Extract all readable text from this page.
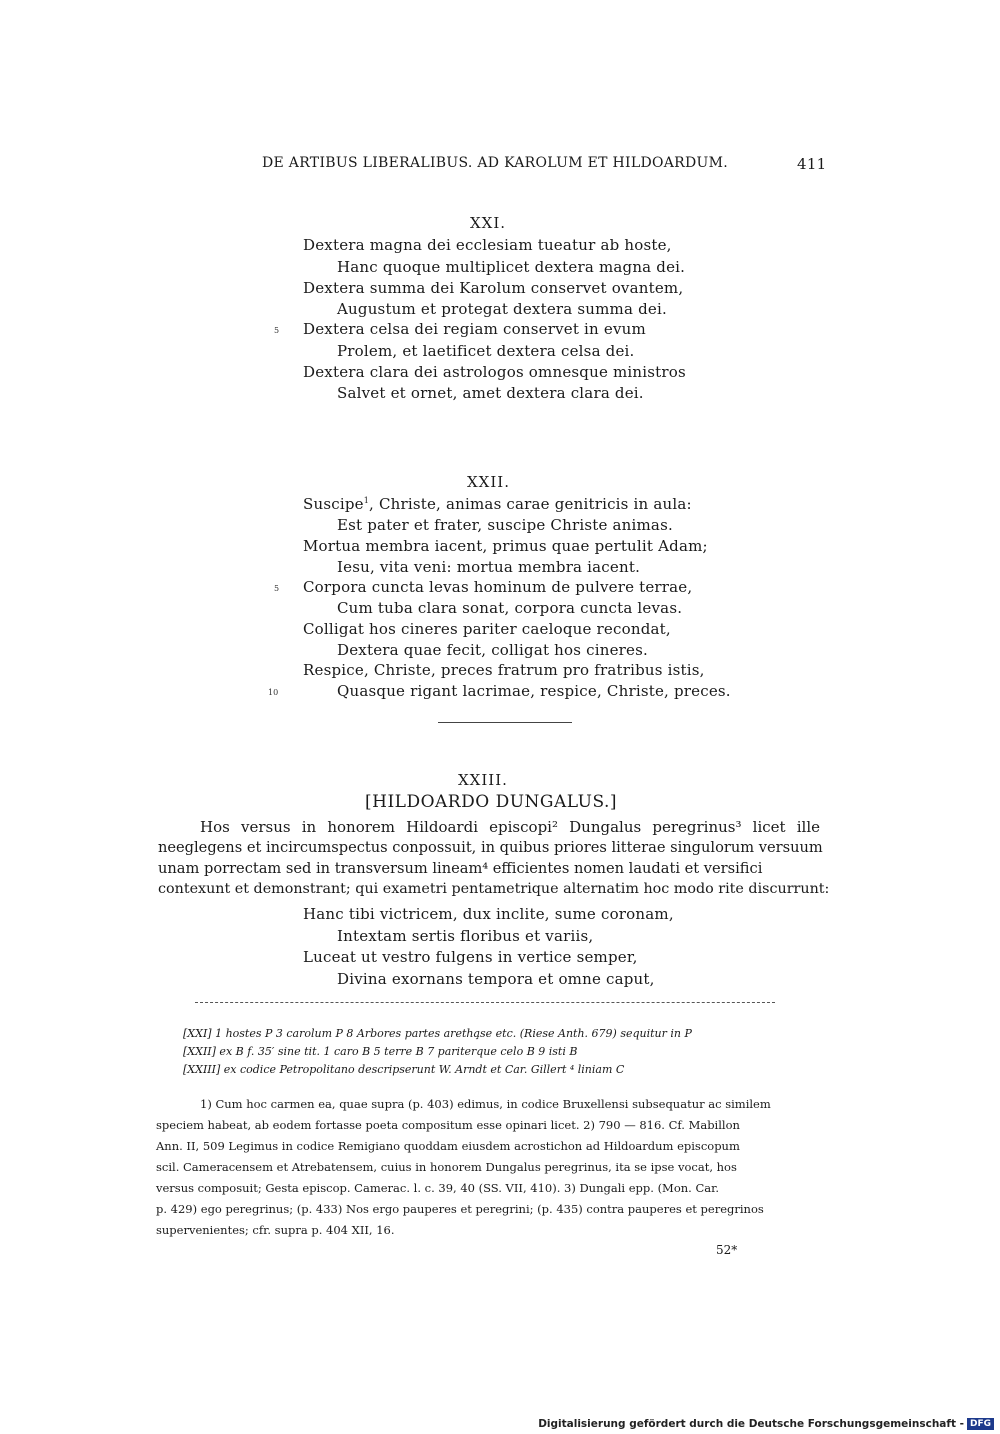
DE ARTIBUS LIBERALIBUS. AD KAROLUM ET HILDOARDUM.	411
XXI.
Dextera magna dei ecclesiam tueatur ab hoste,
Hanc quoque multiplicet dextera magna dei.
Dextera summa dei Karolum conservet ovantem,
Augustum et protegat dextera summa dei.
5 Dextera celsa dei regiam conservet in evum
Prolem, et laetificet dextera celsa dei.
Dextera clara dei astrologos omnesque ministros
Salvet et ornet, amet dextera clara dei.
XXII.
Suscipe$^1$, Christe, animas carae genitricis in aula:
Est pater et frater, suscipe Christe animas.
Mortua membra iacent, primus quae pertulit Adam;
Iesu, vita veni: mortua membra iacent.
5 Corpora cuncta levas hominum de pulvere terrae,
Cum tuba clara sonat, corpora cuncta levas.
Colligat hos cineres pariter caeloque recondat,
Dextera quae fecit, colligat hos cineres.
Respice, Christe, preces fratrum pro fratribus istis,
10	Quasque rigant lacrimae, respice, Christe, preces.
XXIII.
[HILDOARDO DUNGALUS.]
Hos versus in honorem Hildoardi episcopi² Dungalus peregrinus³ licet ille
neeglegens et incircumspectus conpossuit, in quibus priores litterae singulorum versuum
unam porrectam sed in transversum lineam⁴ efficientes nomen laudati et versifici
contexunt et demonstrant; qui exametri pentametrique alternatim hoc modo rite discurrunt:
Hanc tibi victricem, dux inclite, sume coronam,
Intextam sertis floribus et variis,
Luceat ut vestro fulgens in vertice semper,
Divina exornans tempora et omne caput,
[XXI] 1 hostes P 3 carolum P 8 Arbores partes aretha̧se etc. (Riese Anth. 679) sequitur in P
[XXII] ex B f. 35′ sine tit. 1 caro B 5 terre B 7 pariterque celo B 9 isti B
[XXIII] ex codice Petropolitano descripserunt W. Arndt et Car. Gillert ⁴ liniam C
1) Cum hoc carmen ea, quae supra (p. 403) edimus, in codice Bruxellensi subsequatur ac similem
speciem habeat, ab eodem fortasse poeta compositum esse opinari licet. 2) 790 — 816. Cf. Mabillon
Ann. II, 509 Legimus in codice Remigiano quoddam eiusdem acrostichon ad Hildoardum episcopum
scil. Cameracensem et Atrebatensem, cuius in honorem Dungalus peregrinus, ita se ipse vocat, hos
versus composuit; Gesta episcop. Camerac. l. c. 39, 40 (SS. VII, 410). 3) Dungali epp. (Mon. Car.
p. 429) ego peregrinus; (p. 433) Nos ergo pauperes et peregrini; (p. 435) contra pauperes et peregrinos
supervenientes; cfr. supra p. 404 XII, 16.
52*
Digitalisierung gefördert durch die Deutsche Forschungsgemeinschaft - DFG
